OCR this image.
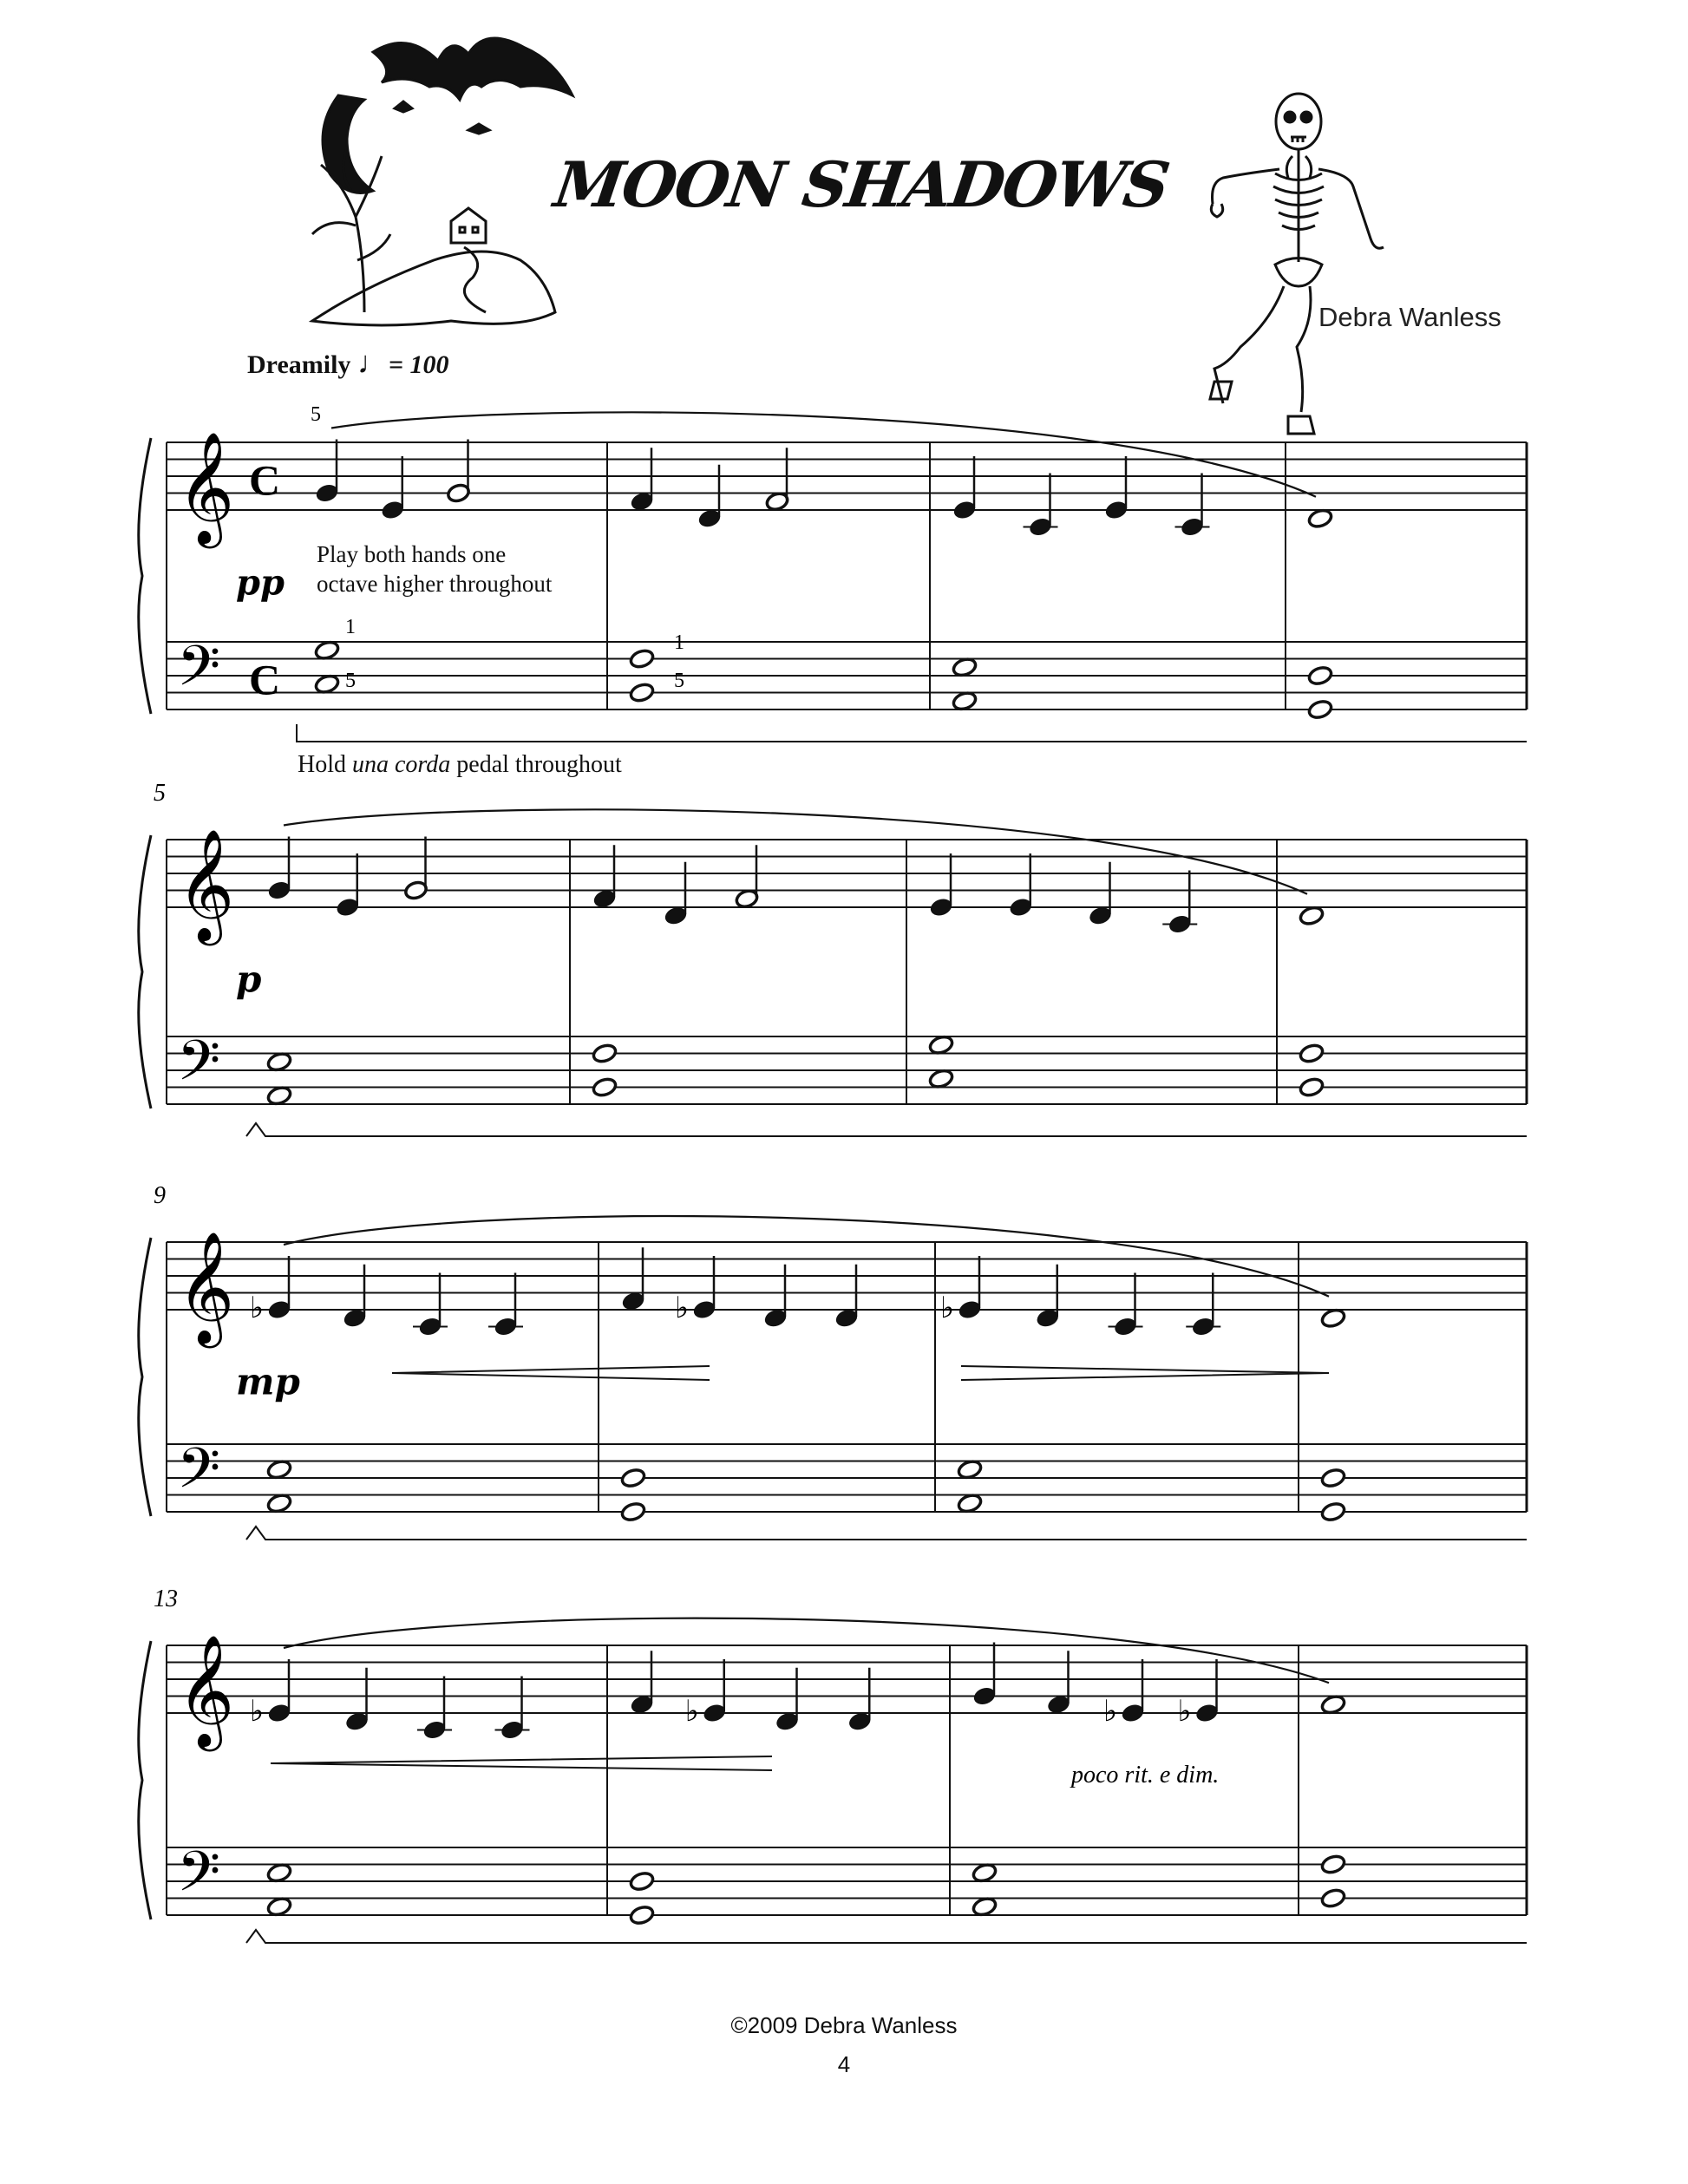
𝄞
𝄢
C
C
pp
𝄞
𝄢
5
p
𝄞
𝄢
9
♭	♭	♭
mp
𝄞
𝄢
13
♭	♭	♭ ♭
5
1
5
1
5
poco rit. e dim.
MOON SHADOWS
Debra Wanless
Dreamily ♩= 100
Play both hands one
octave higher throughout
Hold una corda pedal throughout
©2009 Debra Wanless
4
